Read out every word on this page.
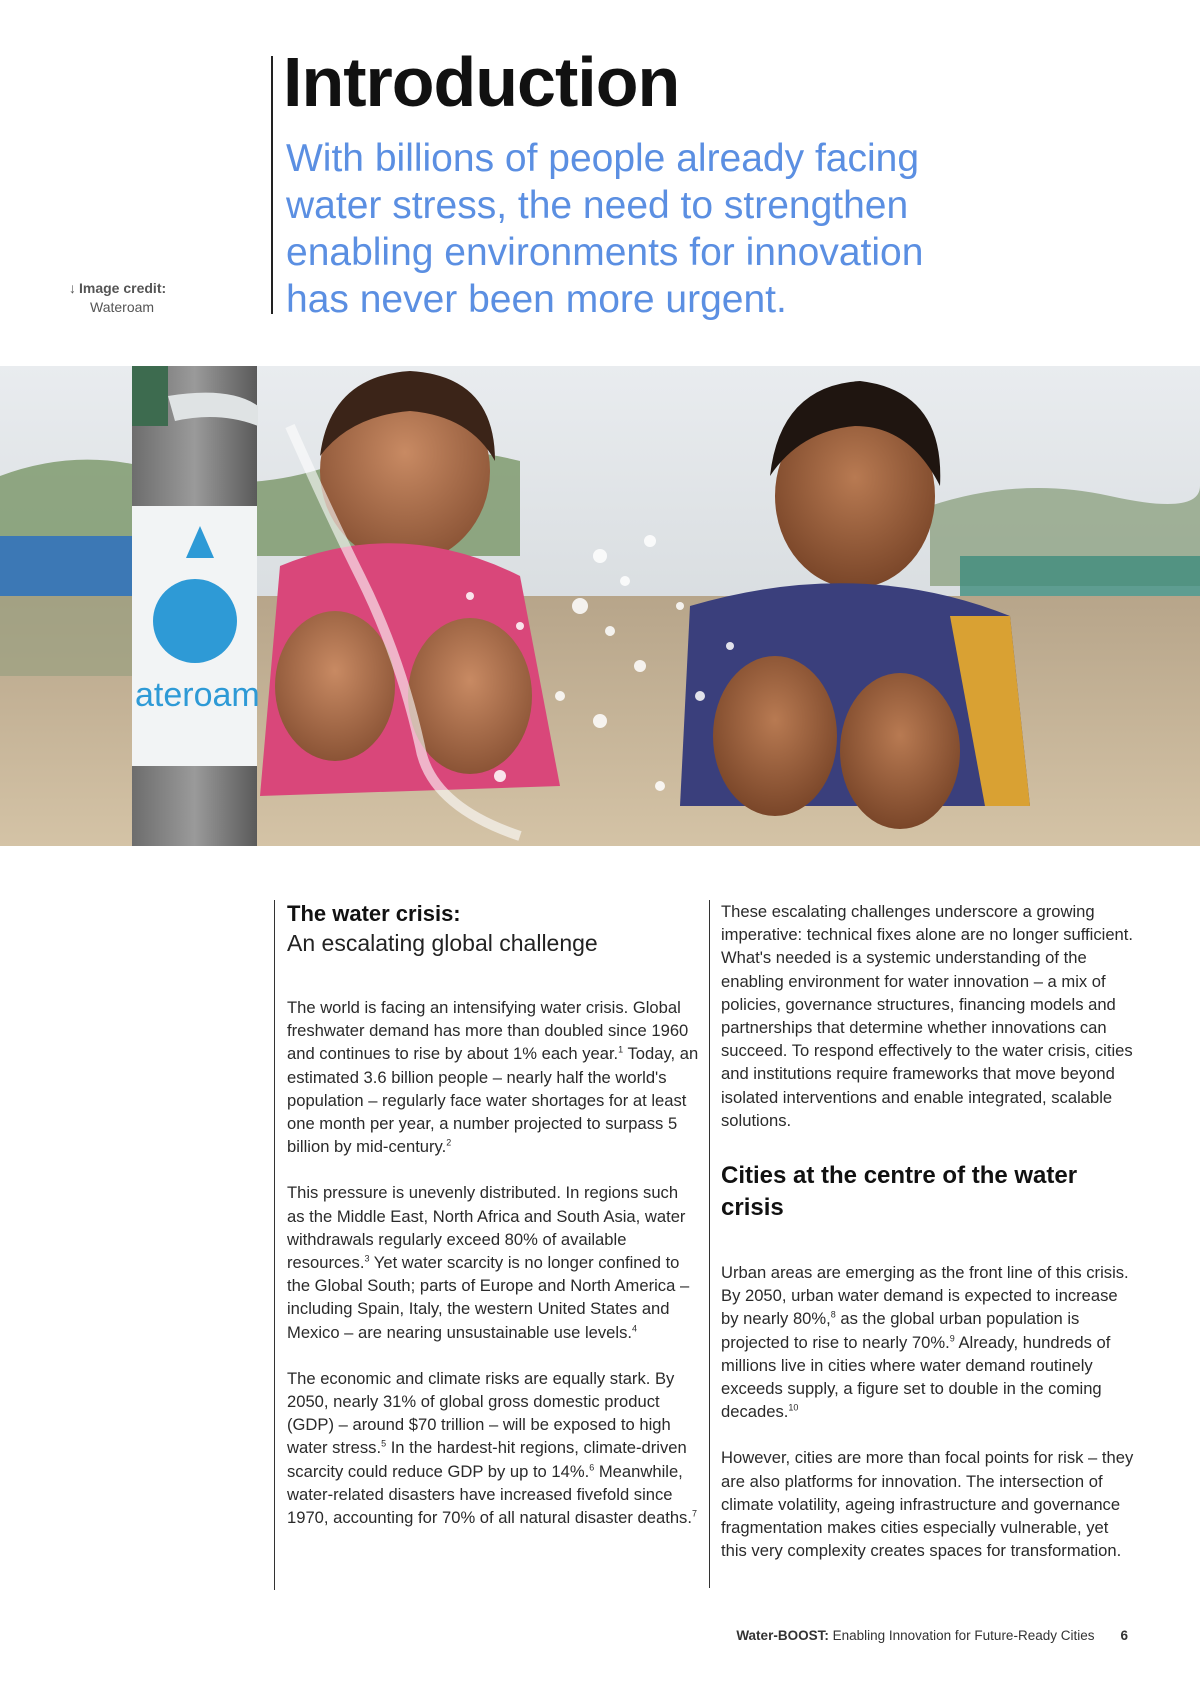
Introduction
With billions of people already facing water stress, the need to strengthen enabling environments for innovation has never been more urgent.
↓ Image credit:
Wateroam
ateroam
The water crisis:
An escalating global challenge

The world is facing an intensifying water crisis. Global freshwater demand has more than doubled since 1960 and continues to rise by about 1% each year.$^1$ Today, an estimated 3.6 billion people – nearly half the world's population – regularly face water shortages for at least one month per year, a number projected to surpass 5 billion by mid-century.$^2$

This pressure is unevenly distributed. In regions such as the Middle East, North Africa and South Asia, water withdrawals regularly exceed 80% of available resources.$^3$ Yet water scarcity is no longer confined to the Global South; parts of Europe and North America – including Spain, Italy, the western United States and Mexico – are nearing unsustainable use levels.$^4$

The economic and climate risks are equally stark. By 2050, nearly 31% of global gross domestic product (GDP) – around $70 trillion – will be exposed to high water stress.$^5$ In the hardest-hit regions, climate-driven scarcity could reduce GDP by up to 14%.$^6$ Meanwhile, water-related disasters have increased fivefold since 1970, accounting for 70% of all natural disaster deaths.$^7$

These escalating challenges underscore a growing imperative: technical fixes alone are no longer sufficient. What's needed is a systemic understanding of the enabling environment for water innovation – a mix of policies, governance structures, financing models and partnerships that determine whether innovations can succeed. To respond effectively to the water crisis, cities and institutions require frameworks that move beyond isolated interventions and enable integrated, scalable solutions.

Cities at the centre of the water crisis

Urban areas are emerging as the front line of this crisis. By 2050, urban water demand is expected to increase by nearly 80%,$^8$ as the global urban population is projected to rise to nearly 70%.$^9$ Already, hundreds of millions live in cities where water demand routinely exceeds supply, a figure set to double in the coming decades.$^{10}$

However, cities are more than focal points for risk – they are also platforms for innovation. The intersection of climate volatility, ageing infrastructure and governance fragmentation makes cities especially vulnerable, yet this very complexity creates spaces for transformation.

Water-BOOST: Enabling Innovation for Future-Ready Cities 6
